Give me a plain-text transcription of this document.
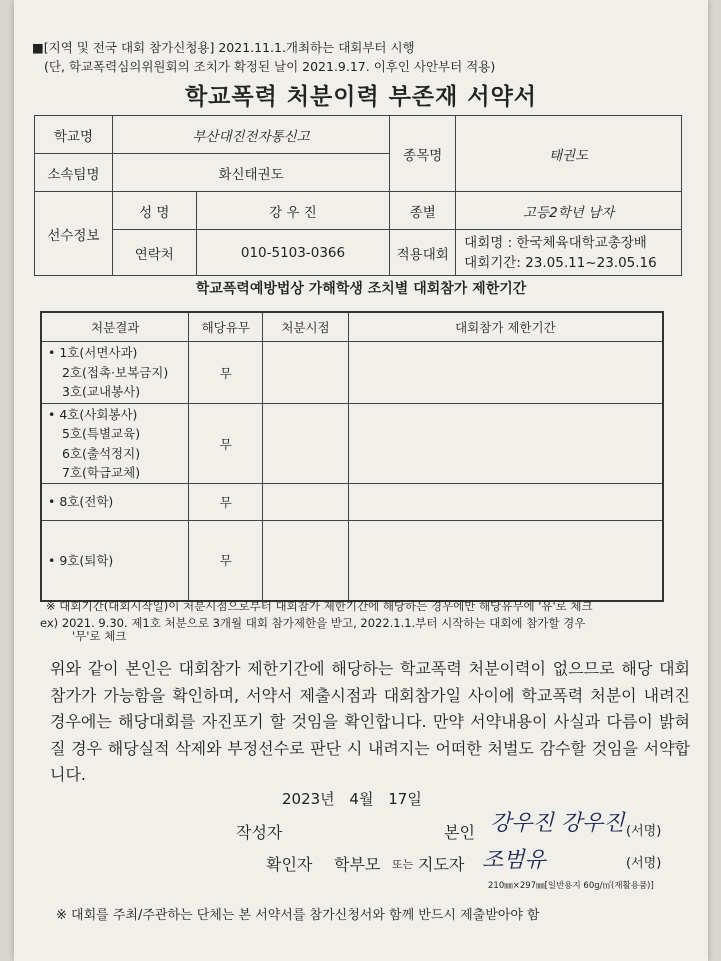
■[지역 및 전국 대회 참가신청용] 2021.11.1.개최하는 대회부터 시행
(단, 학교폭력심의위원회의 조치가 확정된 날이 2021.9.17. 이후인 사안부터 적용)
학교폭력 처분이력 부존재 서약서
학교명	부산대진전자통신고		종목명	태권도
소속팀명	화신태권도			
선수정보	성 명	강 우 진	종별	고등2학년 남자
	연락처	010-5103-0366	적용대회	대회명 : 한국체육대학교총장배
대회기간: 23.05.11~23.05.16
학교폭력예방법상 가해학생 조치별 대회참가 제한기간
처분결과	해당유무	처분시점	대회참가 제한기간

• 1호(서면사과)
2호(접촉·보복금지)
3호(교내봉사)	무		

• 4호(사회봉사)
5호(특별교육)
6호(출석정지)
7호(학급교체)	무		

• 8호(전학)	무		

• 9호(퇴학)	무		
※ 대회기간(대회시작일)이 처분시점으로부터 대회참가 제한기간에 해당하는 경우에만 해당유무에 '유'로 체크
ex) 2021. 9.30. 제1호 처분으로 3개월 대회 참가제한을 받고, 2022.1.1.부터 시작하는 대회에 참가할 경우
'무'로 체크

위와 같이 본인은 대회참가 제한기간에 해당하는 학교폭력 처분이력이 없으므로 해당 대회 참가가 가능함을 확인하며, 서약서 제출시점과 대회참가일 사이에 학교폭력 처분이 내려진 경우에는 해당대회를 자진포기 할 것임을 확인합니다. 만약 서약내용이 사실과 다름이 밝혀질 경우 해당실적 삭제와 부정선수로 판단 시 내려지는 어떠한 처벌도 감수할 것임을 서약합니다.

2023년 4월 17일
작성자	본인 강우진 강우진 (서명)
확인자 학부모 또는 지도자 조범유	(서명)
210㎜×297㎜[일반용지 60g/㎡(재활용품)]
※ 대회를 주최/주관하는 단체는 본 서약서를 참가신청서와 함께 반드시 제출받아야 함
